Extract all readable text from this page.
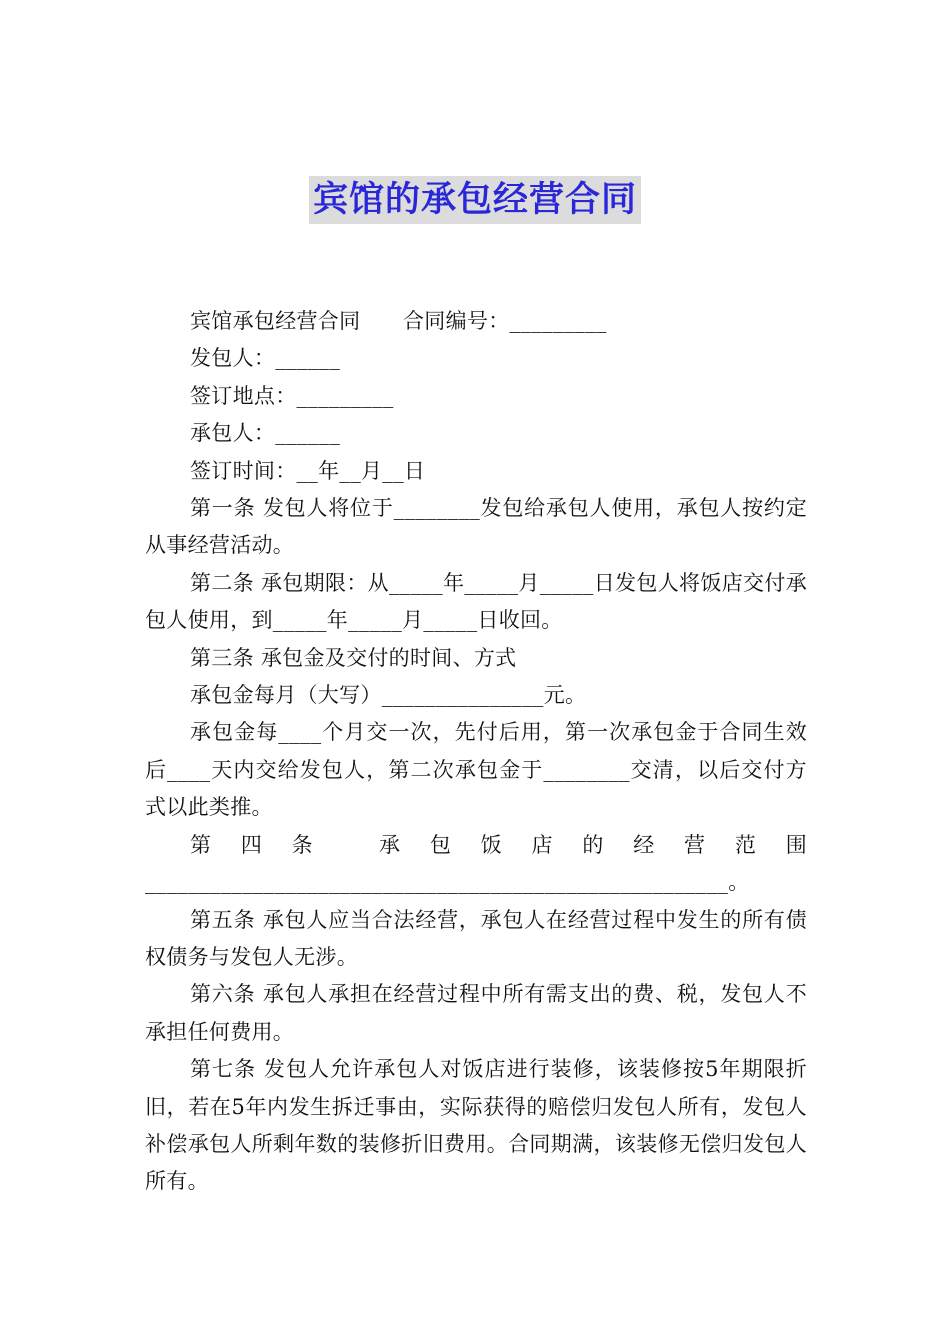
宾馆的承包经营合同

宾馆承包经营合同　　合同编号：_________

发包人：______

签订地点：_________

承包人：______

签订时间：__年__月__日

第一条 发包人将位于________发包给承包人使用，承包人按约定从事经营活动。

第二条 承包期限：从_____年_____月_____日发包人将饭店交付承包人使用，到_____年_____月_____日收回。

第三条 承包金及交付的时间、方式

承包金每月（大写）_______________元。

承包金每____个月交一次，先付后用，第一次承包金于合同生效后____天内交给发包人，第二次承包金于________交清，以后交付方式以此类推。

第四条 承包饭店的经营范围______________________________________________________。

第五条 承包人应当合法经营，承包人在经营过程中发生的所有债权债务与发包人无涉。

第六条 承包人承担在经营过程中所有需支出的费、税，发包人不承担任何费用。

第七条 发包人允许承包人对饭店进行装修，该装修按5年期限折旧，若在5年内发生拆迁事由，实际获得的赔偿归发包人所有，发包人补偿承包人所剩年数的装修折旧费用。合同期满，该装修无偿归发包人所有。
